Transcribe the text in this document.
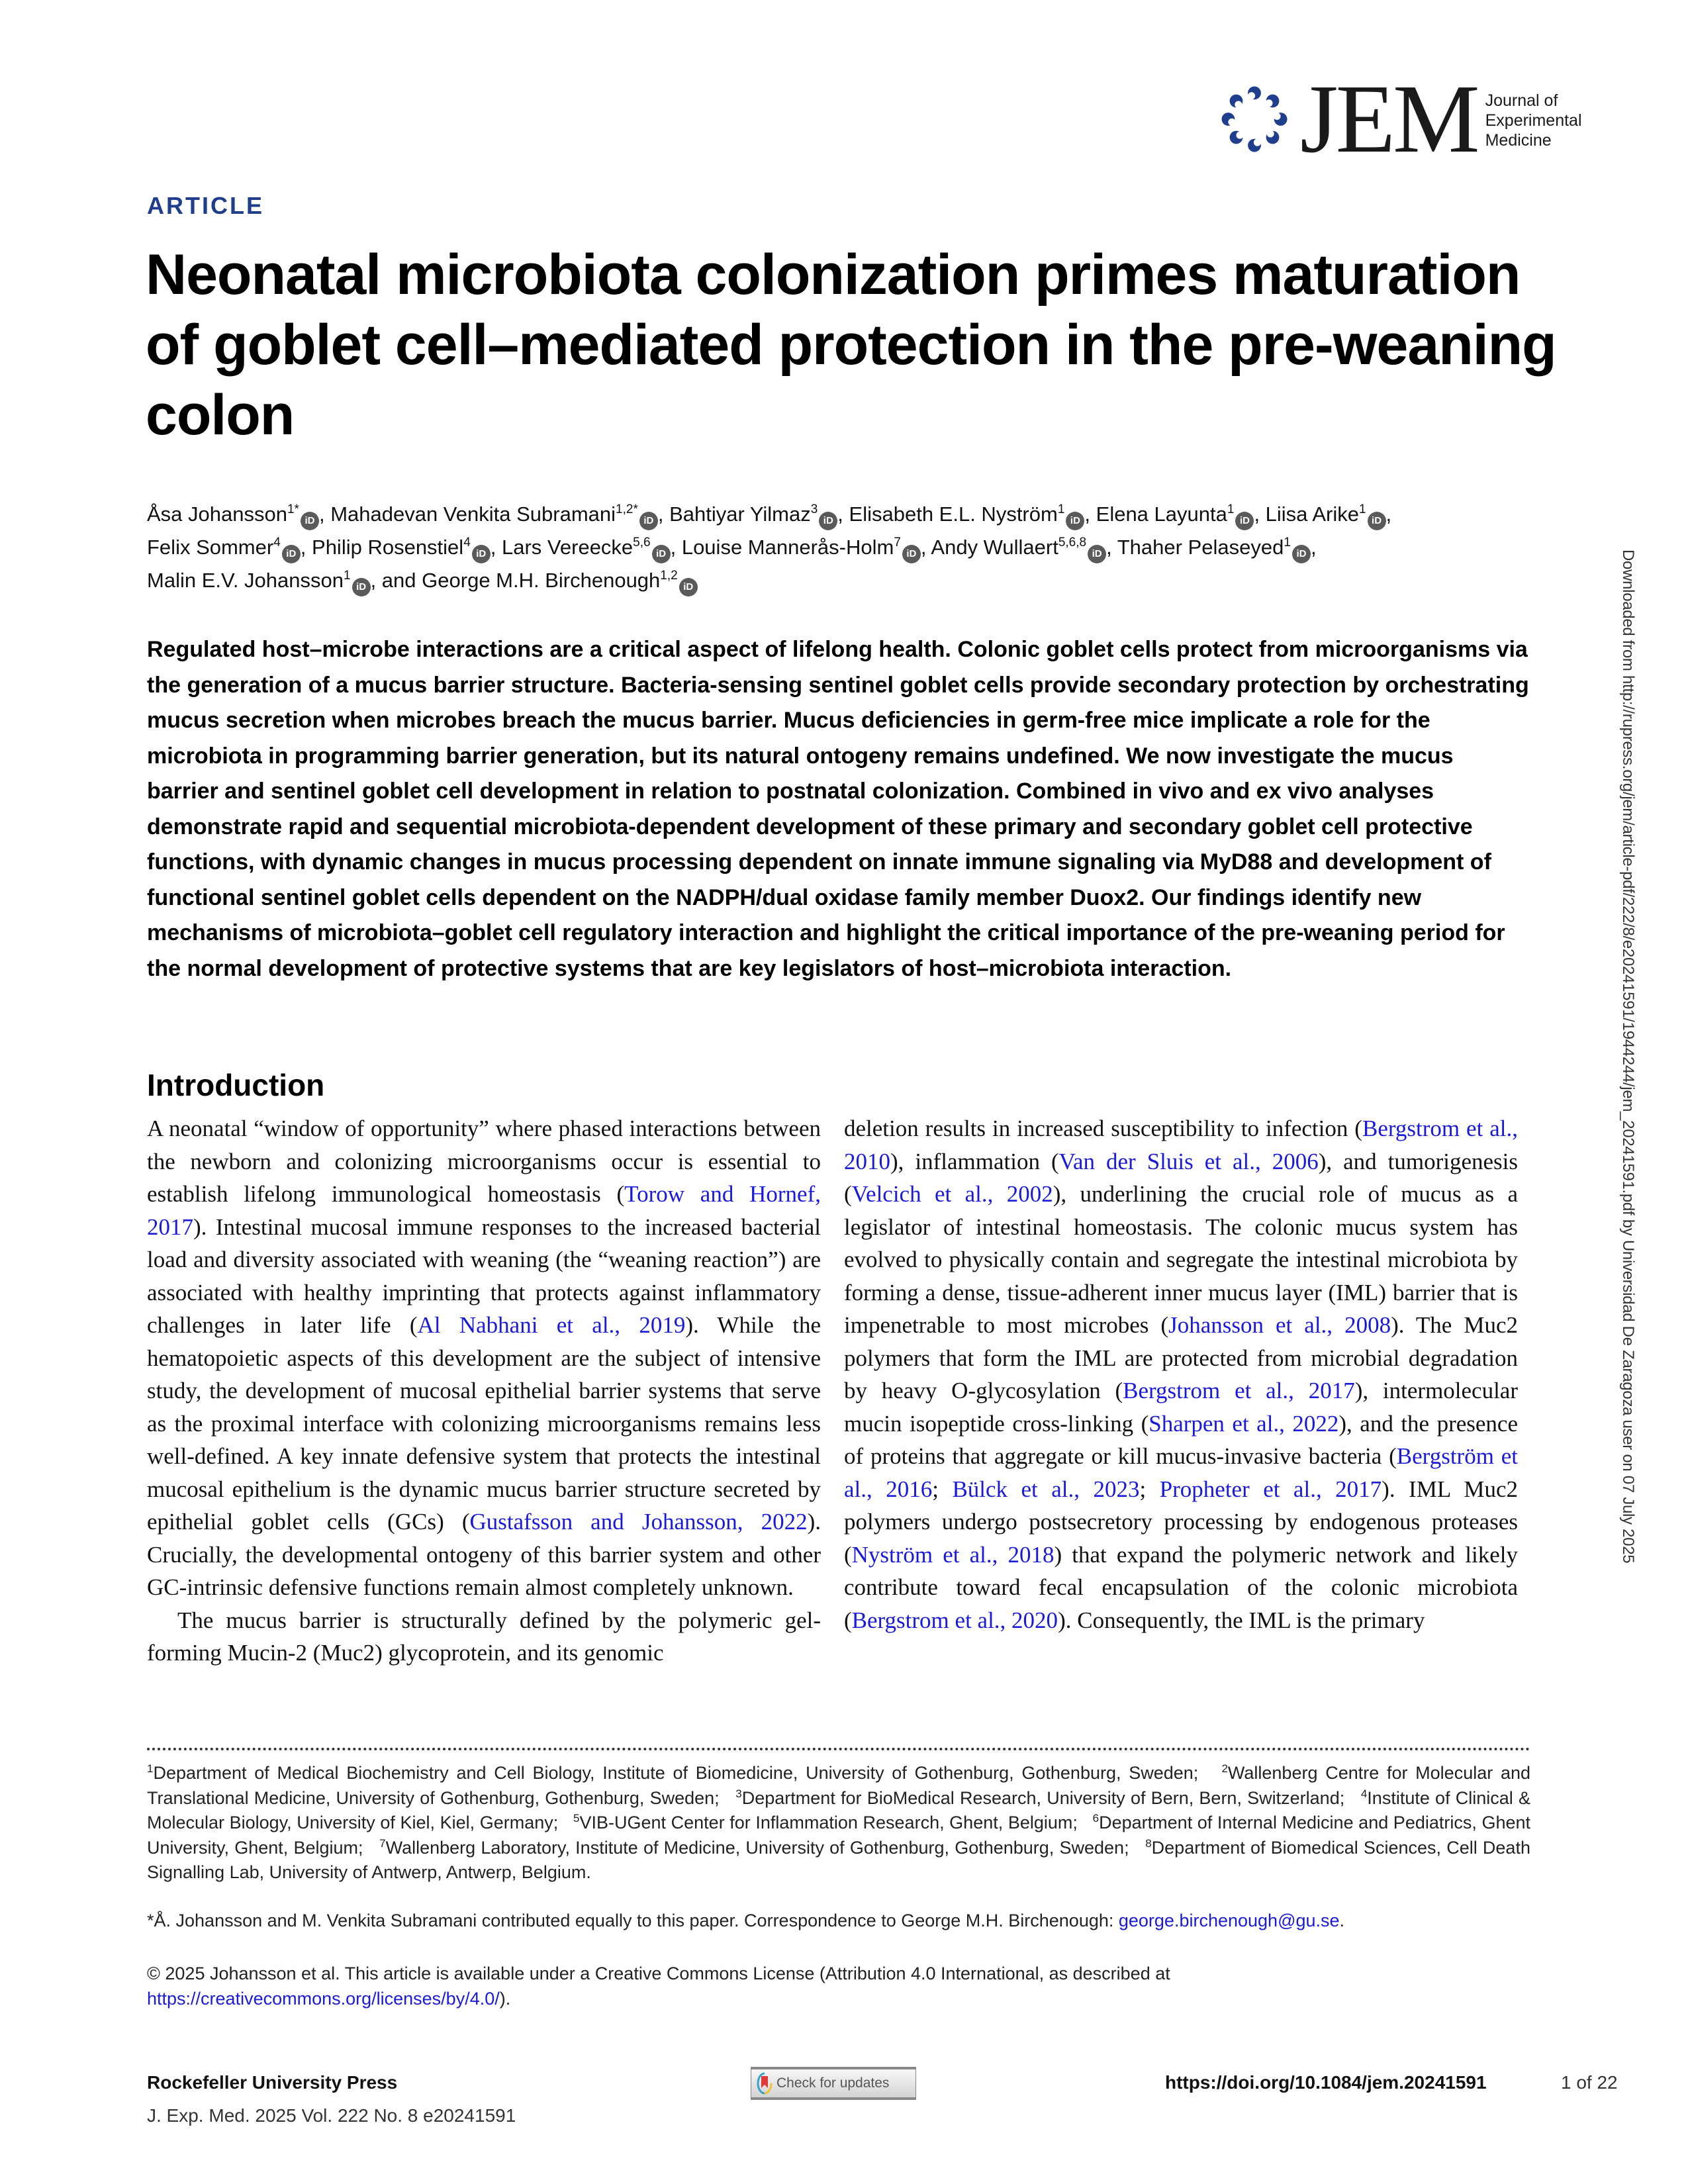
JEM Journal of
Experimental
Medicine
ARTICLE
Neonatal microbiota colonization primes maturation of goblet cell–mediated protection in the pre-weaning colon
Åsa Johansson$^{1*}$iD , Mahadevan Venkita Subramani$^{1,2*}$iD , Bahtiyar Yilmaz$^3$iD , Elisabeth E.L. Nyström$^1$iD , Elena Layunta$^1$iD , Liisa Arike$^1$iD ,
Felix Sommer$^4$iD , Philip Rosenstiel$^4$iD , Lars Vereecke$^{5,6}$iD , Louise Mannerås-Holm$^7$iD , Andy Wullaert$^{5,6,8}$iD , Thaher Pelaseyed$^1$iD ,
Malin E.V. Johansson$^1$iD , and George M.H. Birchenough$^{1,2}$iD

Regulated host–microbe interactions are a critical aspect of lifelong health. Colonic goblet cells protect from microorganisms via the generation of a mucus barrier structure. Bacteria-sensing sentinel goblet cells provide secondary protection by orchestrating mucus secretion when microbes breach the mucus barrier. Mucus deficiencies in germ-free mice implicate a role for the microbiota in programming barrier generation, but its natural ontogeny remains undefined. We now investigate the mucus barrier and sentinel goblet cell development in relation to postnatal colonization. Combined in vivo and ex vivo analyses demonstrate rapid and sequential microbiota-dependent development of these primary and secondary goblet cell protective functions, with dynamic changes in mucus processing dependent on innate immune signaling via MyD88 and development of functional sentinel goblet cells dependent on the NADPH/dual oxidase family member Duox2. Our findings identify new mechanisms of microbiota–goblet cell regulatory interaction and highlight the critical importance of the pre-weaning period for the normal development of protective systems that are key legislators of host–microbiota interaction.

Introduction

A neonatal “window of opportunity” where phased interactions between the newborn and colonizing microorganisms occur is essential to establish lifelong immunological homeostasis (Torow and Hornef, 2017). Intestinal mucosal immune responses to the increased bacterial load and diversity associated with weaning (the “weaning reaction”) are associated with healthy imprinting that protects against inflammatory challenges in later life (Al Nabhani et al., 2019). While the hematopoietic aspects of this development are the subject of intensive study, the development of mucosal epithelial barrier systems that serve as the proximal interface with colonizing microorganisms remains less well-defined. A key innate defensive system that protects the intestinal mucosal epithelium is the dynamic mucus barrier structure secreted by epithelial goblet cells (GCs) (Gustafsson and Johansson, 2022). Crucially, the developmental ontogeny of this barrier system and other GC-intrinsic defensive functions remain almost completely unknown.

The mucus barrier is structurally defined by the polymeric gel-forming Mucin-2 (Muc2) glycoprotein, and its genomic

deletion results in increased susceptibility to infection (Bergstrom et al., 2010), inflammation (Van der Sluis et al., 2006), and tumorigenesis (Velcich et al., 2002), underlining the crucial role of mucus as a legislator of intestinal homeostasis. The colonic mucus system has evolved to physically contain and segregate the intestinal microbiota by forming a dense, tissue-adherent inner mucus layer (IML) barrier that is impenetrable to most microbes (Johansson et al., 2008). The Muc2 polymers that form the IML are protected from microbial degradation by heavy O-glycosylation (Bergstrom et al., 2017), intermolecular mucin isopeptide cross-linking (Sharpen et al., 2022), and the presence of proteins that aggregate or kill mucus-invasive bacteria (Bergström et al., 2016; Bülck et al., 2023; Propheter et al., 2017). IML Muc2 polymers undergo postsecretory processing by endogenous proteases (Nyström et al., 2018) that expand the polymeric network and likely contribute toward fecal encapsulation of the colonic microbiota (Bergstrom et al., 2020). Consequently, the IML is the primary

$^1$Department of Medical Biochemistry and Cell Biology, Institute of Biomedicine, University of Gothenburg, Gothenburg, Sweden; $^2$Wallenberg Centre for Molecular and Translational Medicine, University of Gothenburg, Gothenburg, Sweden; $^3$Department for BioMedical Research, University of Bern, Bern, Switzerland; $^4$Institute of Clinical & Molecular Biology, University of Kiel, Kiel, Germany; $^5$VIB-UGent Center for Inflammation Research, Ghent, Belgium; $^6$Department of Internal Medicine and Pediatrics, Ghent University, Ghent, Belgium; $^7$Wallenberg Laboratory, Institute of Medicine, University of Gothenburg, Gothenburg, Sweden; $^8$Department of Biomedical Sciences, Cell Death Signalling Lab, University of Antwerp, Antwerp, Belgium.

*Å. Johansson and M. Venkita Subramani contributed equally to this paper. Correspondence to George M.H. Birchenough: george.birchenough@gu.se.

© 2025 Johansson et al. This article is available under a Creative Commons License (Attribution 4.0 International, as described at https://creativecommons.org/licenses/by/4.0/).

Rockefeller University Press
J. Exp. Med. 2025 Vol. 222 No. 8 e20241591
Check for updates	https://doi.org/10.1084/jem.20241591	1 of 22
Downloaded from http://rupress.org/jem/article-pdf/222/8/e20241591/1944244/jem_20241591.pdf by Universidad De Zaragoza user on 07 July 2025
